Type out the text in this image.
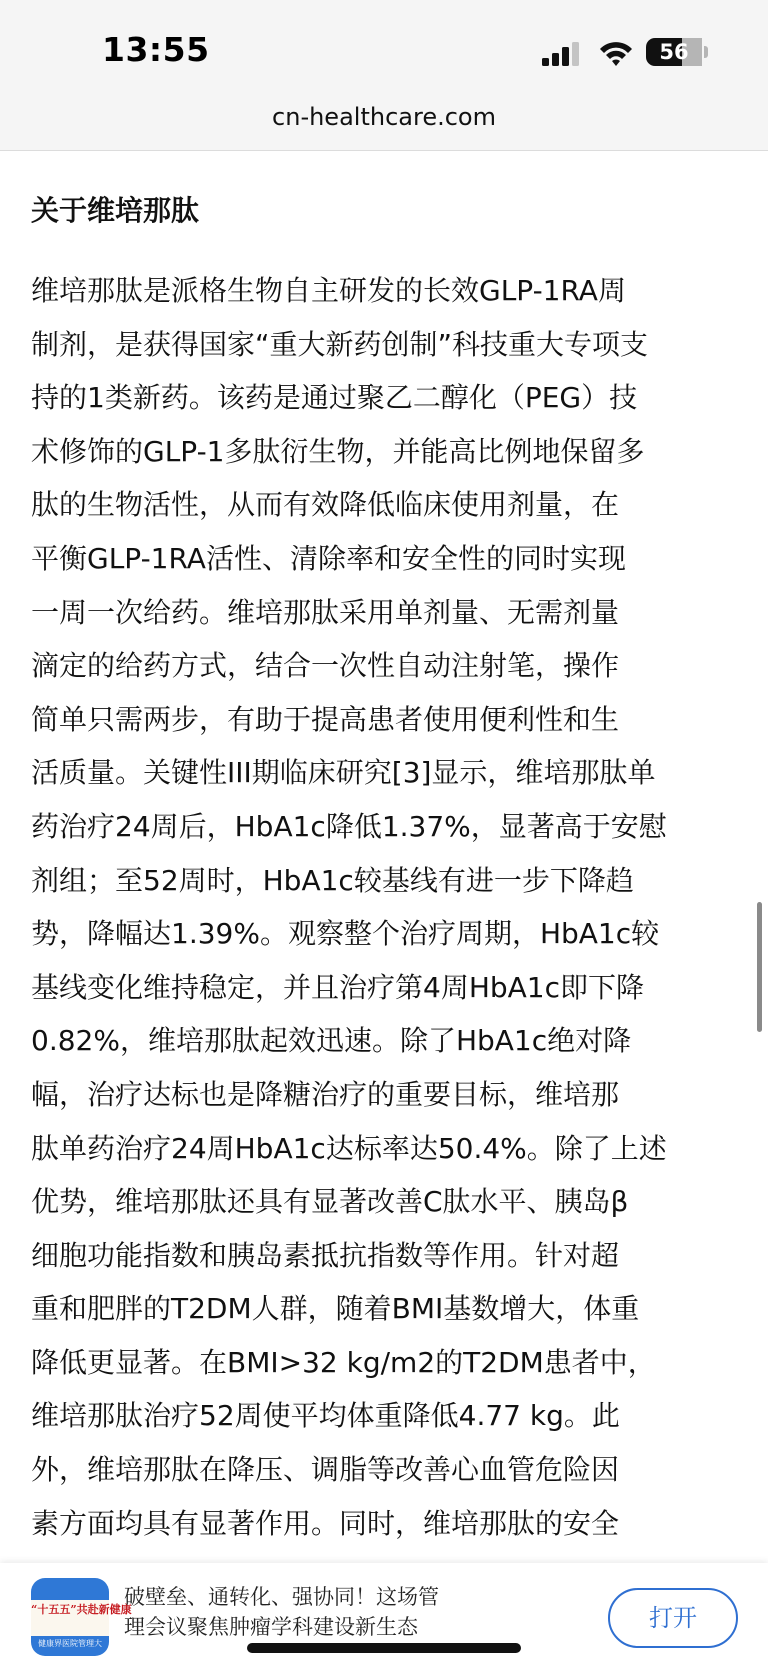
13:55	56
cn-healthcare.com
关于维培那肽
维培那肽是派格生物自主研发的长效GLP-1RA周
制剂，是获得国家“重大新药创制”科技重大专项支
持的1类新药。该药是通过聚乙二醇化（PEG）技
术修饰的GLP-1多肽衍生物，并能高比例地保留多
肽的生物活性，从而有效降低临床使用剂量，在
平衡GLP-1RA活性、清除率和安全性的同时实现
一周一次给药。维培那肽采用单剂量、无需剂量
滴定的给药方式，结合一次性自动注射笔，操作
简单只需两步，有助于提高患者使用便利性和生
活质量。关键性III期临床研究[3]显示，维培那肽单
药治疗24周后，HbA1c降低1.37%，显著高于安慰
剂组；至52周时，HbA1c较基线有进一步下降趋
势，降幅达1.39%。观察整个治疗周期，HbA1c较
基线变化维持稳定，并且治疗第4周HbA1c即下降
0.82%，维培那肽起效迅速。除了HbA1c绝对降
幅，治疗达标也是降糖治疗的重要目标，维培那
肽单药治疗24周HbA1c达标率达50.4%。除了上述
优势，维培那肽还具有显著改善C肽水平、胰岛β
细胞功能指数和胰岛素抵抗指数等作用。针对超
重和肥胖的T2DM人群，随着BMI基数增大，体重
降低更显著。在BMI>32 kg/m2的T2DM患者中，
维培那肽治疗52周使平均体重降低4.77 kg。此
外，维培那肽在降压、调脂等改善心血管危险因
素方面均具有显著作用。同时，维培那肽的安全
“十五五”共赴新健康
健康界医院管理大
破壁垒、通转化、强协同！这场管
理会议聚焦肿瘤学科建设新生态	打开
